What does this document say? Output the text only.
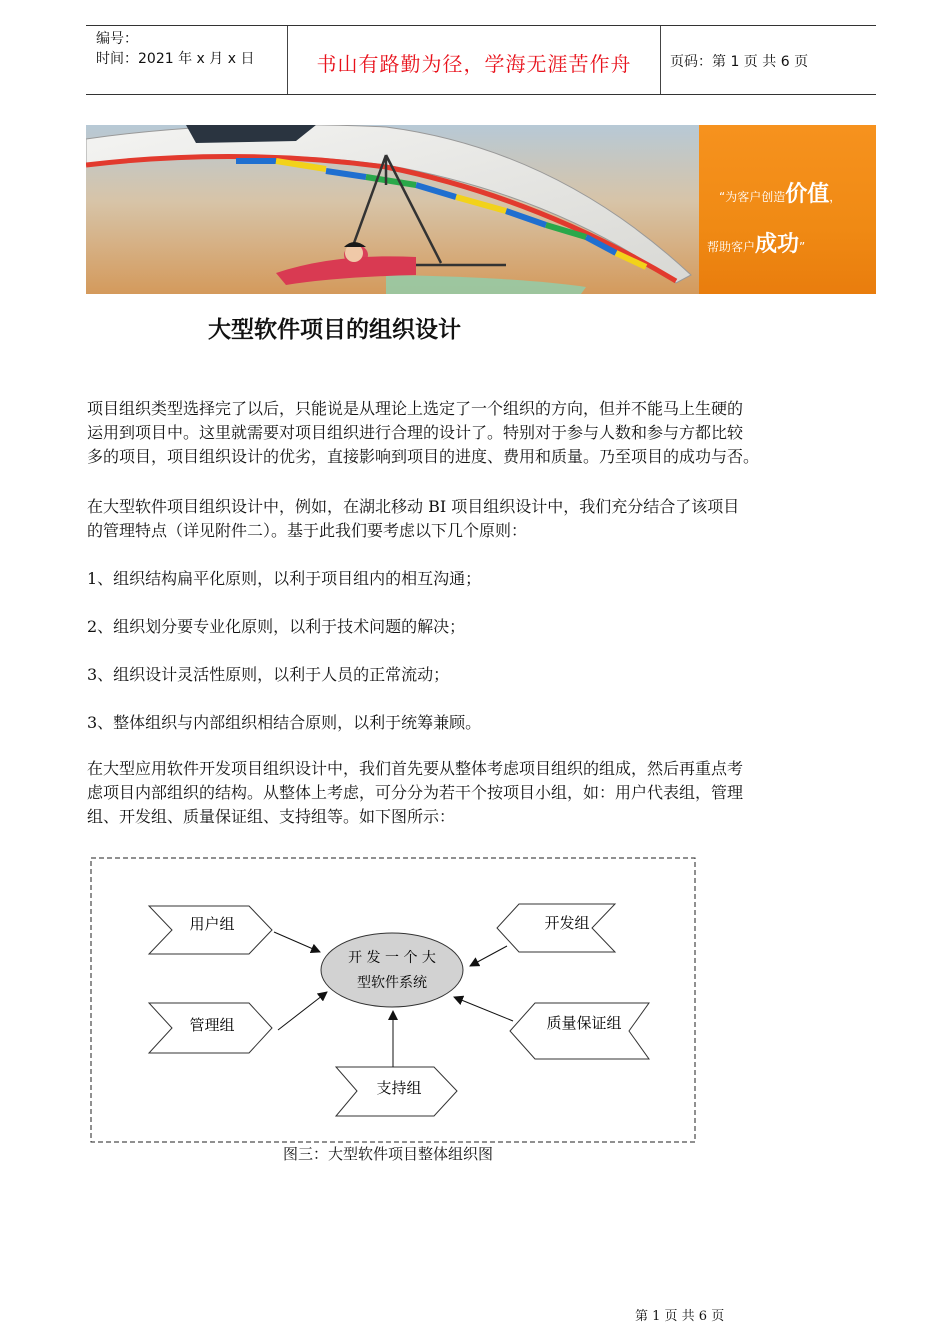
编号：
时间：2021 年 x 月 x 日	书山有路勤为径，学海无涯苦作舟	页码：第 1 页 共 6 页
“为客户创造价值，
帮助客户成功”
大型软件项目的组织设计
项目组织类型选择完了以后，只能说是从理论上选定了一个组织的方向，但并不能马上生硬的
运用到项目中。这里就需要对项目组织进行合理的设计了。特别对于参与人数和参与方都比较
多的项目，项目组织设计的优劣，直接影响到项目的进度、费用和质量。乃至项目的成功与否。
在大型软件项目组织设计中，例如，在湖北移动 BI 项目组织设计中，我们充分结合了该项目
的管理特点（详见附件二）。基于此我们要考虑以下几个原则：
1、组织结构扁平化原则，以利于项目组内的相互沟通；
2、组织划分要专业化原则，以利于技术问题的解决；
3、组织设计灵活性原则，以利于人员的正常流动；
3、整体组织与内部组织相结合原则，以利于统筹兼顾。
在大型应用软件开发项目组织设计中，我们首先要从整体考虑项目组织的组成，然后再重点考
虑项目内部组织的结构。从整体上考虑，可分分为若干个按项目小组，如：用户代表组，管理
组、开发组、质量保证组、支持组等。如下图所示：
开 发 一 个 大
型软件系统
用户组
管理组
开发组
质量保证组
支持组
图三：大型软件项目整体组织图
第 1 页 共 6 页
